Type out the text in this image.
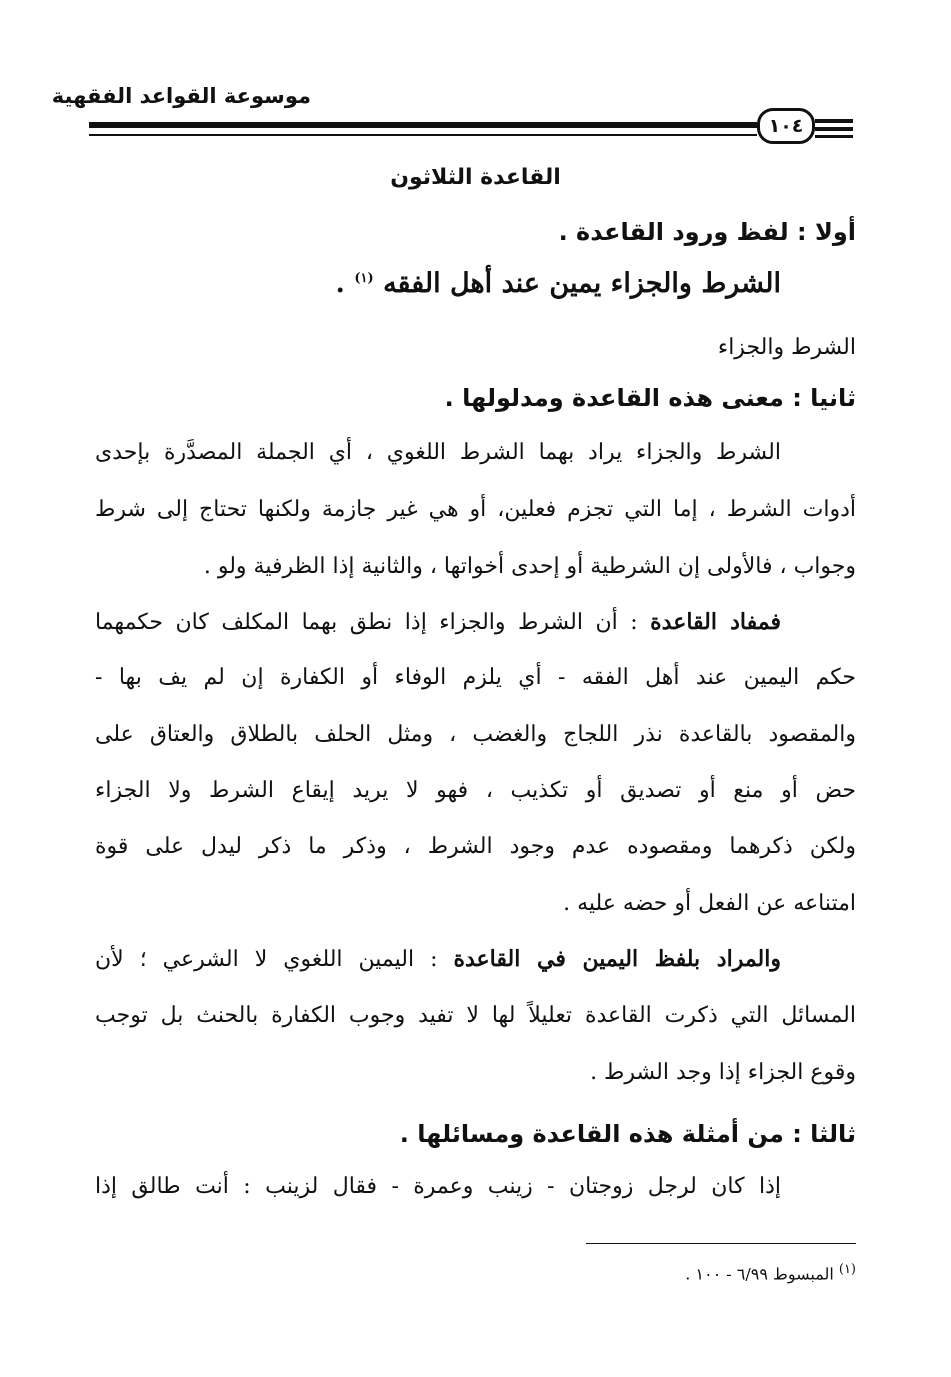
موسوعة القواعد الفقهية
١٠٤
القاعدة الثلاثون
أولا : لفظ ورود القاعدة .
الشرط والجزاء يمين عند أهل الفقه $^{(١)}$ .
الشرط والجزاء
ثانيا : معنى هذه القاعدة ومدلولها .
الشرط والجزاء يراد بهما الشرط اللغوي ، أي الجملة المصدَّرة بإحدى
أدوات الشرط ، إما التي تجزم فعلين، أو هي غير جازمة ولكنها تحتاج إلى شرط
وجواب ، فالأولى إن الشرطية أو إحدى أخواتها ، والثانية إذا الظرفية ولو .
فمفاد القاعدة : أن الشرط والجزاء إذا نطق بهما المكلف كان حكمهما
حكم اليمين عند أهل الفقه - أي يلزم الوفاء أو الكفارة إن لم يف بها -
والمقصود بالقاعدة نذر اللجاج والغضب ، ومثل الحلف بالطلاق والعتاق على
حض أو منع أو تصديق أو تكذيب ، فهو لا يريد إيقاع الشرط ولا الجزاء
ولكن ذكرهما ومقصوده عدم وجود الشرط ، وذكر ما ذكر ليدل على قوة
امتناعه عن الفعل أو حضه عليه .
والمراد بلفظ اليمين في القاعدة : اليمين اللغوي لا الشرعي ؛ لأن
المسائل التي ذكرت القاعدة تعليلاً لها لا تفيد وجوب الكفارة بالحنث بل توجب
وقوع الجزاء إذا وجد الشرط .
ثالثا : من أمثلة هذه القاعدة ومسائلها .
إذا كان لرجل زوجتان - زينب وعمرة - فقال لزينب : أنت طالق إذا
$^{(١)}$ المبسوط ٦/٩٩ - ١٠٠ .
